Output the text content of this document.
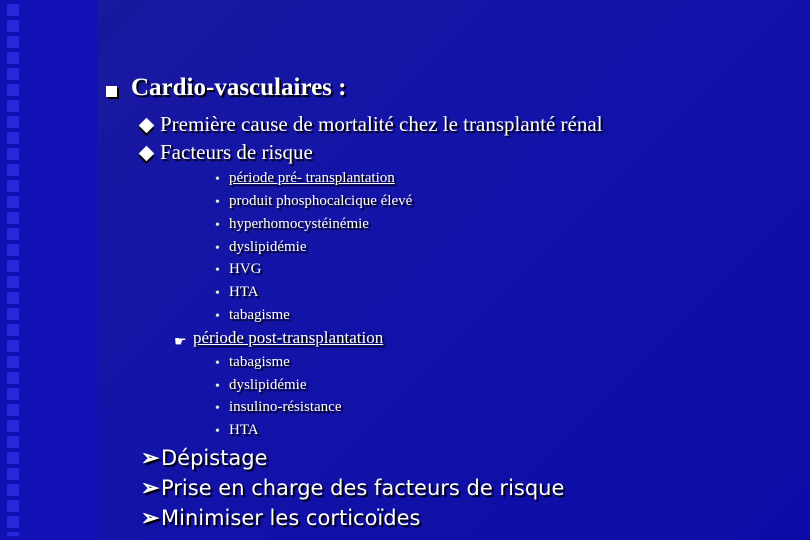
Cardio-vasculaires :
Première cause de mortalité chez le transplanté rénal
Facteurs de risque
• période pré- transplantation
• produit phosphocalcique élevé
• hyperhomocystéinémie
• dyslipidémie
• HVG
• HTA
• tabagisme
☛ période post-transplantation
• tabagisme
• dyslipidémie
• insulino-résistance
• HTA
➢ Dépistage
➢ Prise en charge des facteurs de risque
➢ Minimiser les corticoïdes
